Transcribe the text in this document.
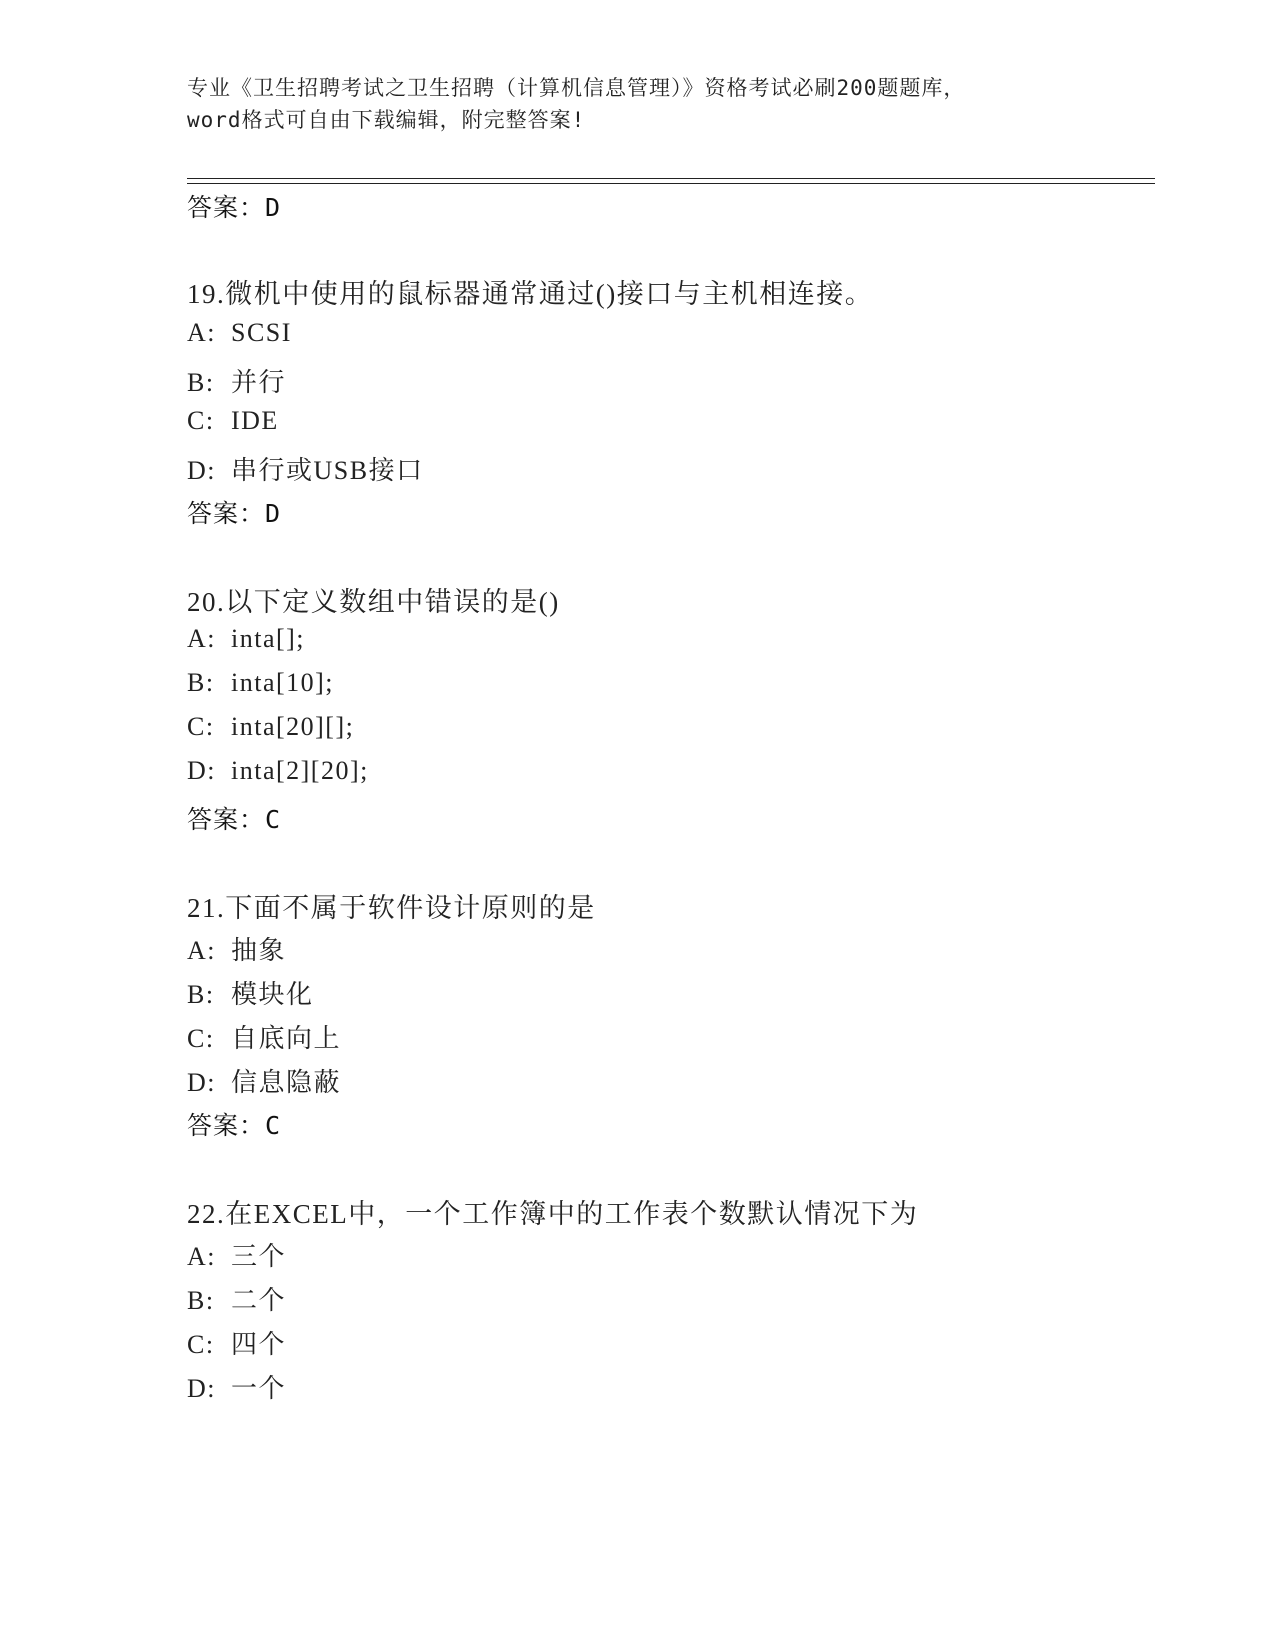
专业《卫生招聘考试之卫生招聘（计算机信息管理）》资格考试必刷200题题库，

word格式可自由下载编辑，附完整答案!

答案：D
19.微机中使用的鼠标器通常通过()接口与主机相连接。
A: SCSI
B: 并行
C: IDE
D: 串行或USB接口
答案：D
20.以下定义数组中错误的是()
A: inta[];
B: inta[10];
C: inta[20][];
D: inta[2][20];
答案：C
21.下面不属于软件设计原则的是
A: 抽象
B: 模块化
C: 自底向上
D: 信息隐蔽
答案：C
22.在EXCEL中，一个工作簿中的工作表个数默认情况下为
A: 三个
B: 二个
C: 四个
D: 一个
